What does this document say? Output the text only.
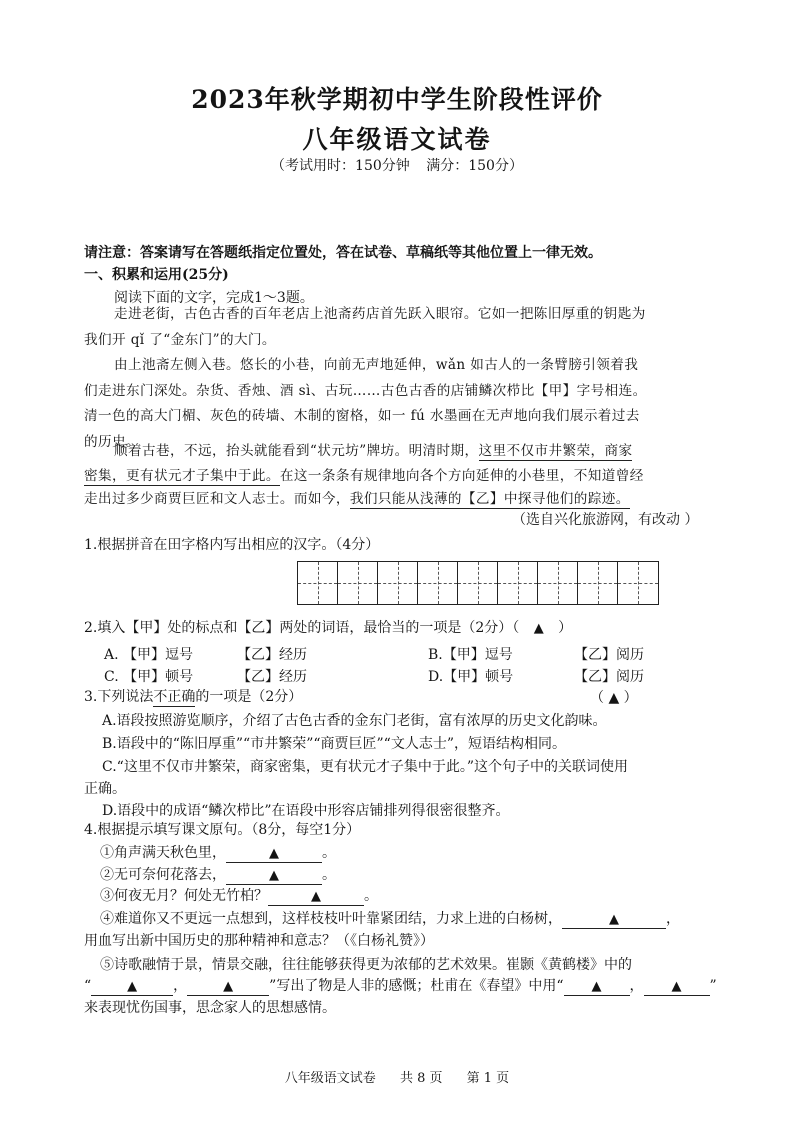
2023年秋学期初中学生阶段性评价
八年级语文试卷
（考试用时：150分钟 满分：150分）
请注意：答案请写在答题纸指定位置处，答在试卷、草稿纸等其他位置上一律无效。
一、积累和运用(25分)
阅读下面的文字，完成1～3题。
走进老街，古色古香的百年老店上池斋药店首先跃入眼帘。它如一把陈旧厚重的钥匙为
我们开 qǐ 了“金东门”的大门。
由上池斋左侧入巷。悠长的小巷，向前无声地延伸，wǎn 如古人的一条臂膀引领着我
们走进东门深处。杂货、香烛、酒 sì、古玩……古色古香的店铺鳞次栉比【甲】字号相连。
清一色的高大门楣、灰色的砖墙、木制的窗格，如一 fú 水墨画在无声地向我们展示着过去
的历史。
顺着古巷，不远，抬头就能看到“状元坊”牌坊。明清时期，这里不仅市井繁荣，商家
密集，更有状元才子集中于此。在这一条条有规律地向各个方向延伸的小巷里，不知道曾经
走出过多少商贾巨匠和文人志士。而如今，我们只能从浅薄的【乙】中探寻他们的踪迹。
（选自兴化旅游网，有改动 ）
1.根据拼音在田字格内写出相应的汉字。（4分）
2.填入【甲】处的标点和【乙】两处的词语，最恰当的一项是（2分）（ ▲ ）
A. 【甲】逗号	【乙】经历	B.【甲】逗号	【乙】阅历
C. 【甲】顿号	【乙】经历	D.【甲】顿号	【乙】阅历
3.下列说法不正确的一项是（2分）	（ ▲ ）
A.语段按照游览顺序，介绍了古色古香的金东门老街，富有浓厚的历史文化韵味。
B.语段中的“陈旧厚重”“市井繁荣”“商贾巨匠”“文人志士”，短语结构相同。
C.“这里不仅市井繁荣，商家密集，更有状元才子集中于此。”这个句子中的关联词使用
正确。
D.语段中的成语“鳞次栉比”在语段中形容店铺排列得很密很整齐。
4.根据提示填写课文原句。（8分，每空1分）
①角声满天秋色里，	▲	。
②无可奈何花落去，	▲	。
③何夜无月？何处无竹柏？	▲	。
④难道你又不更远一点想到，这样枝枝叶叶靠紧团结，力求上进的白杨树，	▲	，
用血写出新中国历史的那种精神和意志？（《白杨礼赞》）
⑤诗歌融情于景，情景交融，往往能够获得更为浓郁的艺术效果。崔颢《黄鹤楼》中的
“	▲	，	▲	”写出了物是人非的感慨；杜甫在《春望》中用“ ▲ ， ▲ ”
来表现忧伤国事，思念家人的思想感情。
八年级语文试卷 共 8 页 第 1 页
